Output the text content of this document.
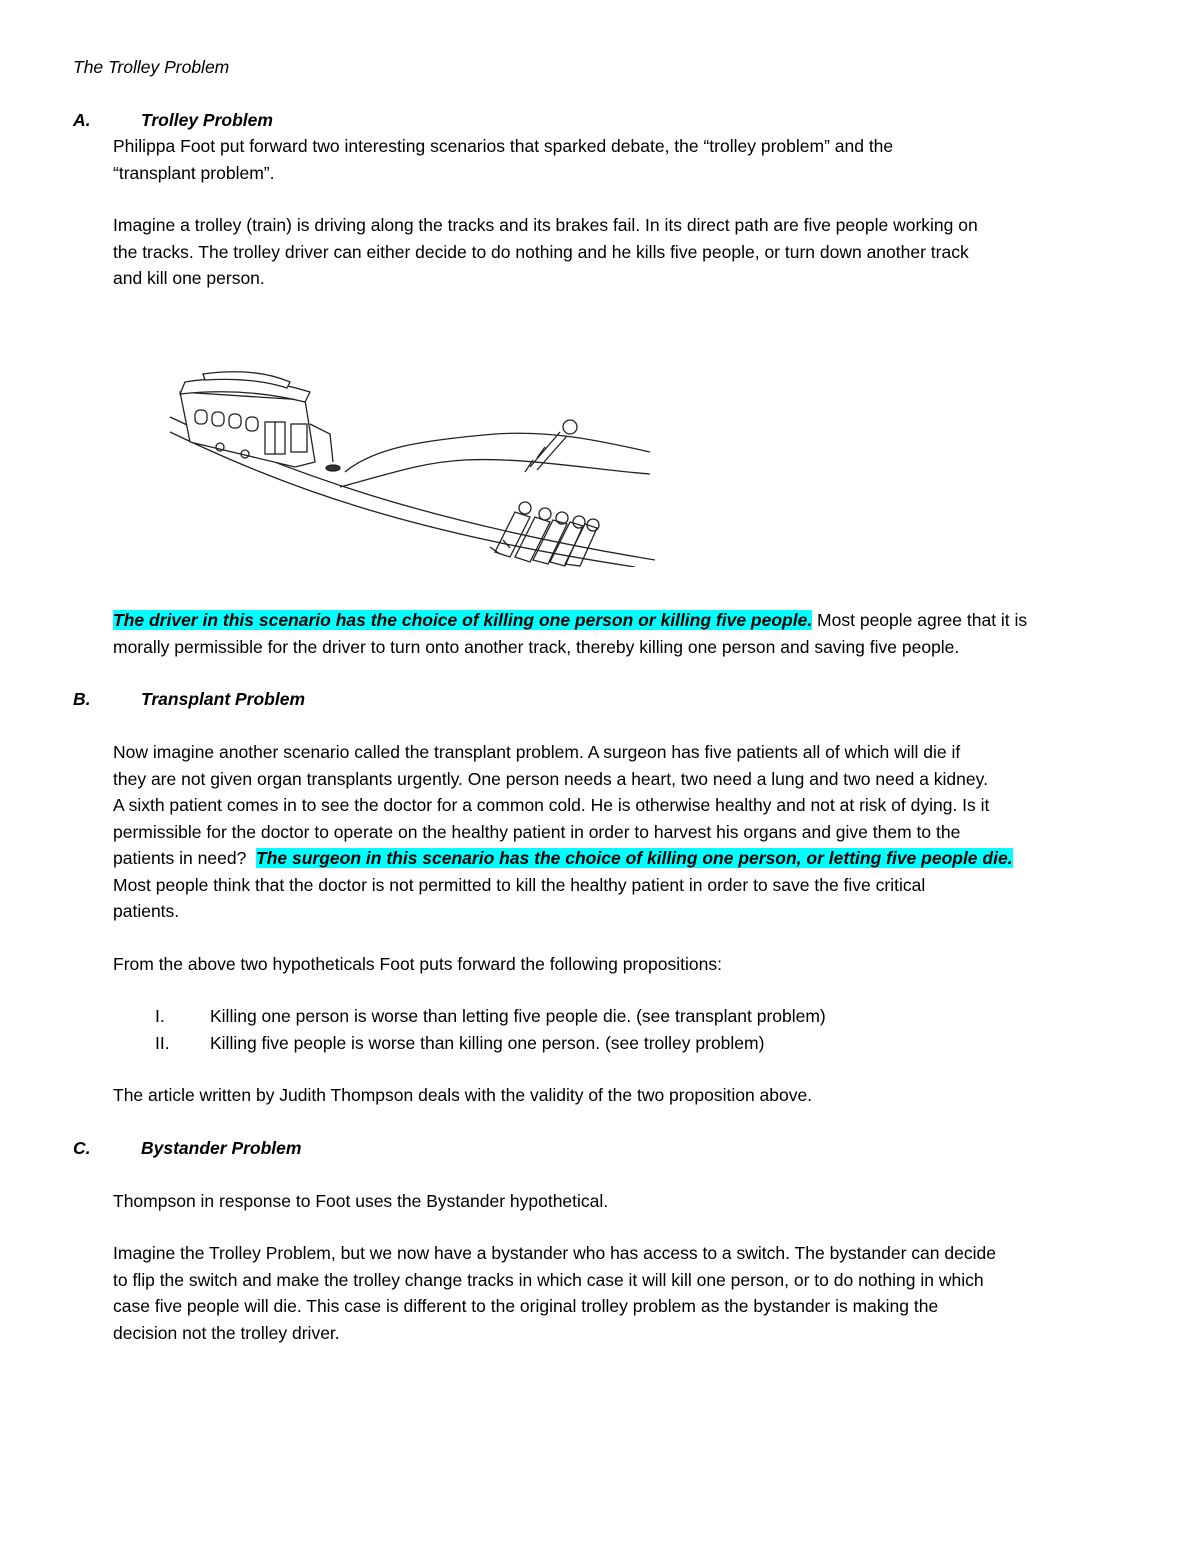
The Trolley Problem
A.	Trolley Problem
Philippa Foot put forward two interesting scenarios that sparked debate, the “trolley problem” and the
“transplant problem”.
Imagine a trolley (train) is driving along the tracks and its brakes fail. In its direct path are five people working on
the tracks. The trolley driver can either decide to do nothing and he kills five people, or turn down another track
and kill one person.
The driver in this scenario has the choice of killing one person or killing five people. Most people agree that it is
morally permissible for the driver to turn onto another track, thereby killing one person and saving five people.
B.	Transplant Problem
Now imagine another scenario called the transplant problem. A surgeon has five patients all of which will die if
they are not given organ transplants urgently. One person needs a heart, two need a lung and two need a kidney.
A sixth patient comes in to see the doctor for a common cold. He is otherwise healthy and not at risk of dying. Is it
permissible for the doctor to operate on the healthy patient in order to harvest his organs and give them to the
patients in need?  The surgeon in this scenario has the choice of killing one person, or letting five people die.
Most people think that the doctor is not permitted to kill the healthy patient in order to save the five critical
patients.
From the above two hypotheticals Foot puts forward the following propositions:
I.	Killing one person is worse than letting five people die. (see transplant problem)
II. Killing five people is worse than killing one person. (see trolley problem)
The article written by Judith Thompson deals with the validity of the two proposition above.
C.	Bystander Problem
Thompson in response to Foot uses the Bystander hypothetical.
Imagine the Trolley Problem, but we now have a bystander who has access to a switch. The bystander can decide
to flip the switch and make the trolley change tracks in which case it will kill one person, or to do nothing in which
case five people will die. This case is different to the original trolley problem as the bystander is making the
decision not the trolley driver.
